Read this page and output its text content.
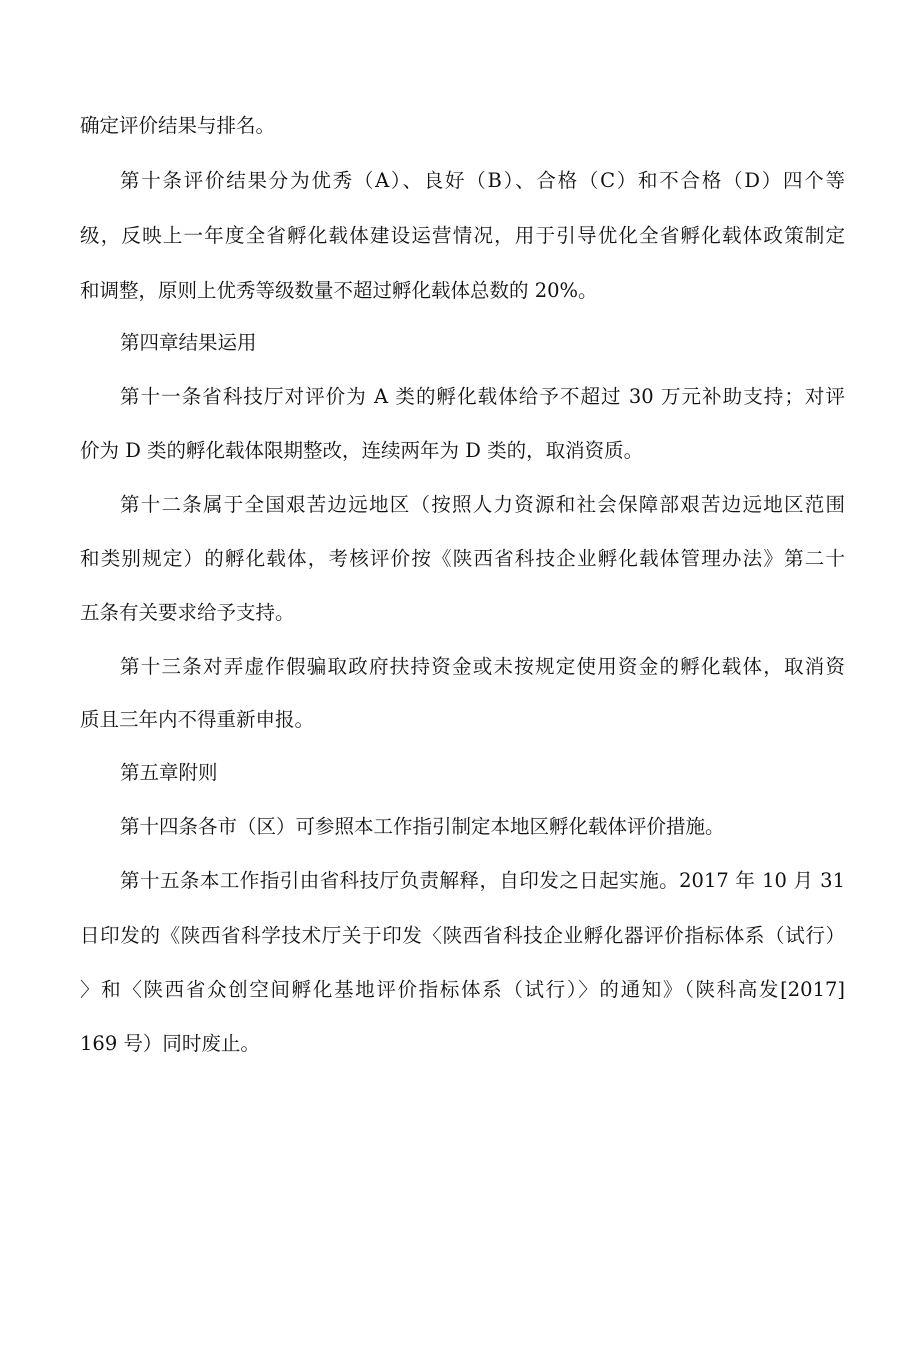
确定评价结果与排名。
第十条评价结果分为优秀（A）、良好（B）、合格（C）和不合格（D）四个等
级，反映上一年度全省孵化载体建设运营情况，用于引导优化全省孵化载体政策制定
和调整，原则上优秀等级数量不超过孵化载体总数的 20%。
第四章结果运用
第十一条省科技厅对评价为 A 类的孵化载体给予不超过 30 万元补助支持；对评
价为 D 类的孵化载体限期整改，连续两年为 D 类的，取消资质。
第十二条属于全国艰苦边远地区（按照人力资源和社会保障部艰苦边远地区范围
和类别规定）的孵化载体，考核评价按《陕西省科技企业孵化载体管理办法》第二十
五条有关要求给予支持。
第十三条对弄虚作假骗取政府扶持资金或未按规定使用资金的孵化载体，取消资
质且三年内不得重新申报。
第五章附则
第十四条各市（区）可参照本工作指引制定本地区孵化载体评价措施。
第十五条本工作指引由省科技厅负责解释，自印发之日起实施。2017 年 10 月 31
日印发的《陕西省科学技术厅关于印发〈陕西省科技企业孵化器评价指标体系（试行）
〉和〈陕西省众创空间孵化基地评价指标体系（试行）〉的通知》（陕科高发[2017]
169 号）同时废止。
